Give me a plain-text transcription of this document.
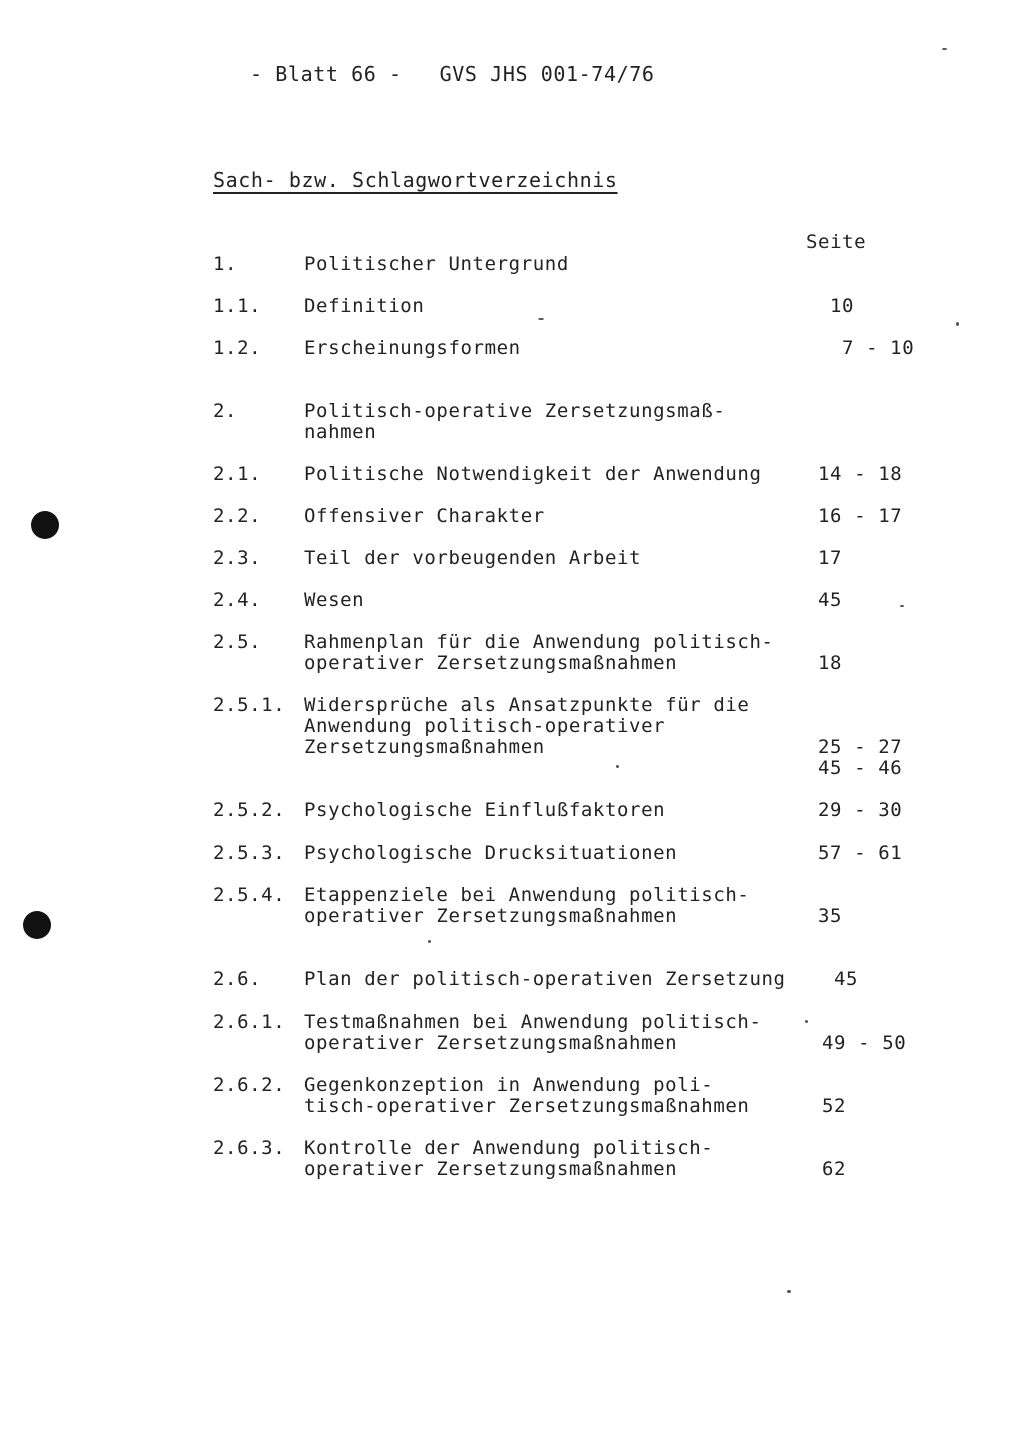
- Blatt 66 -   GVS JHS 001-74/76
Sach- bzw. Schlagwortverzeichnis
Seite
1.	Politischer Untergrund
1.1. Definition	10
1.2. Erscheinungsformen	7 - 10
2.	Politisch-operative Zersetzungsmaß-
nahmen
2.1. Politische Notwendigkeit der Anwendung	14 - 18
2.2. Offensiver Charakter	16 - 17
2.3. Teil der vorbeugenden Arbeit	17
2.4. Wesen	45
2.5. Rahmenplan für die Anwendung politisch-
operativer Zersetzungsmaßnahmen	18
2.5.1. Widersprüche als Ansatzpunkte für die
Anwendung politisch-operativer
Zersetzungsmaßnahmen	25 - 27
45 - 46
2.5.2. Psychologische Einflußfaktoren	29 - 30
2.5.3. Psychologische Drucksituationen	57 - 61
2.5.4. Etappenziele bei Anwendung politisch-
operativer Zersetzungsmaßnahmen	35
2.6. Plan der politisch-operativen Zersetzung	45
2.6.1. Testmaßnahmen bei Anwendung politisch-
operativer Zersetzungsmaßnahmen	49 - 50
2.6.2. Gegenkonzeption in Anwendung poli-
tisch-operativer Zersetzungsmaßnahmen	52
2.6.3. Kontrolle der Anwendung politisch-
operativer Zersetzungsmaßnahmen	62
